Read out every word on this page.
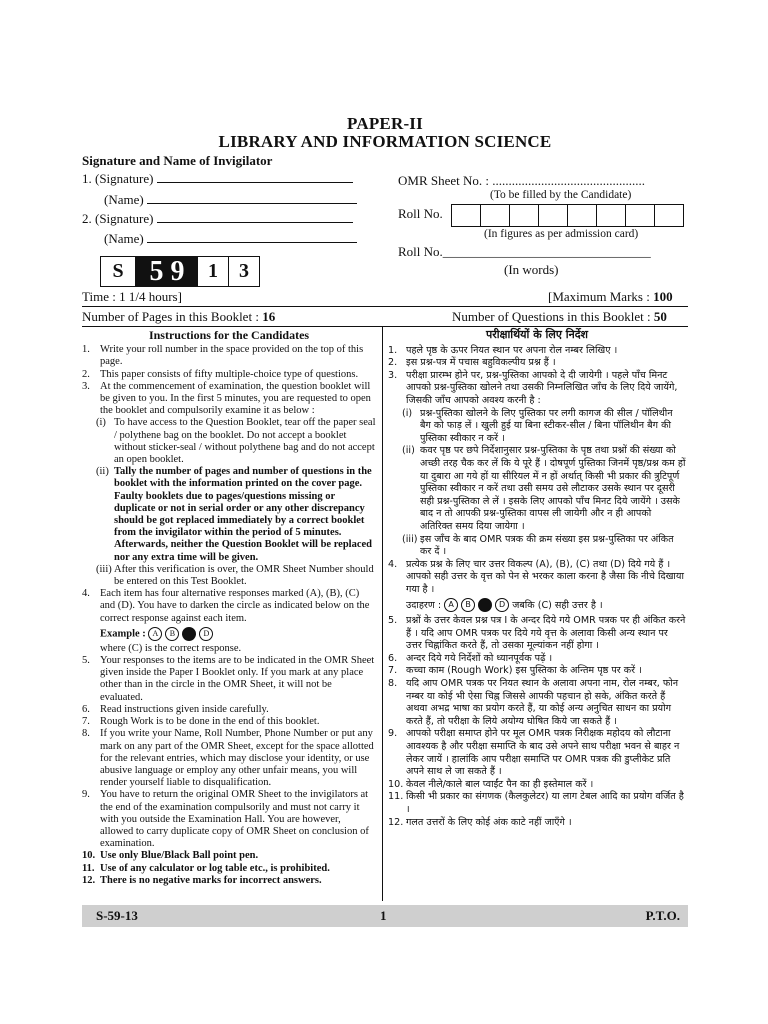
PAPER-II
LIBRARY AND INFORMATION SCIENCE
Signature and Name of Invigilator
1. (Signature)
(Name)
2. (Signature)
(Name)
OMR Sheet No. : ...............................................
(To be filled by the Candidate)
Roll No.
(In figures as per admission card)
Roll No.________________________________
(In words)
S 5 9	1	3
Time : 1 1/4 hours]	[Maximum Marks : 100
Number of Pages in this Booklet : 16	Number of Questions in this Booklet : 50
Instructions for the Candidates
1. Write your roll number in the space provided on the top of this page.
2. This paper consists of fifty multiple-choice type of questions.
3. At the commencement of examination, the question booklet will be given to you. In the first 5 minutes, you are requested to open the booklet and compulsorily examine it as below :
(i) To have access to the Question Booklet, tear off the paper seal / polythene bag on the booklet. Do not accept a booklet without sticker-seal / without polythene bag and do not accept an open booklet.
(ii) Tally the number of pages and number of questions in the booklet with the information printed on the cover page. Faulty booklets due to pages/questions missing or duplicate or not in serial order or any other discrepancy should be got replaced immediately by a correct booklet from the invigilator within the period of 5 minutes. Afterwards, neither the Question Booklet will be replaced nor any extra time will be given.
(iii) After this verification is over, the OMR Sheet Number should be entered on this Test Booklet.
4. Each item has four alternative responses marked (A), (B), (C) and (D). You have to darken the circle as indicated below on the correct response against each item.
Example : A	B	D
where (C) is the correct response.
5. Your responses to the items are to be indicated in the OMR Sheet given inside the Paper I Booklet only. If you mark at any place other than in the circle in the OMR Sheet, it will not be evaluated.
6. Read instructions given inside carefully.
7. Rough Work is to be done in the end of this booklet.
8. If you write your Name, Roll Number, Phone Number or put any mark on any part of the OMR Sheet, except for the space allotted for the relevant entries, which may disclose your identity, or use abusive language or employ any other unfair means, you will render yourself liable to disqualification.
9. You have to return the original OMR Sheet to the invigilators at the end of the examination compulsorily and must not carry it with you outside the Examination Hall. You are however, allowed to carry duplicate copy of OMR Sheet on conclusion of examination.
10. Use only Blue/Black Ball point pen.
11. Use of any calculator or log table etc., is prohibited.
12. There is no negative marks for incorrect answers.
परीक्षार्थियों के लिए निर्देश
1. पहले पृष्ठ के ऊपर नियत स्थान पर अपना रोल नम्बर लिखिए ।
2. इस प्रश्न-पत्र में पचास बहुविकल्पीय प्रश्न हैं ।
3. परीक्षा प्रारम्भ होने पर, प्रश्न-पुस्तिका आपको दे दी जायेगी । पहले पाँच मिनट आपको प्रश्न-पुस्तिका खोलने तथा उसकी निम्नलिखित जाँच के लिए दिये जायेंगे, जिसकी जाँच आपको अवश्य करनी है :
(i) प्रश्न-पुस्तिका खोलने के लिए पुस्तिका पर लगी कागज की सील / पॉलिथीन बैग को फाड़ लें । खुली हुई या बिना स्टीकर-सील / बिना पॉलिथीन बैग की पुस्तिका स्वीकार न करें ।
(ii) कवर पृष्ठ पर छपे निर्देशानुसार प्रश्न-पुस्तिका के पृष्ठ तथा प्रश्नों की संख्या को अच्छी तरह चैक कर लें कि ये पूरे हैं । दोषपूर्ण पुस्तिका जिनमें पृष्ठ/प्रश्न कम हों या दुबारा आ गये हों या सीरियल में न हों अर्थात् किसी भी प्रकार की त्रुटिपूर्ण पुस्तिका स्वीकार न करें तथा उसी समय उसे लौटाकर उसके स्थान पर दूसरी सही प्रश्न-पुस्तिका ले लें । इसके लिए आपको पाँच मिनट दिये जायेंगे । उसके बाद न तो आपकी प्रश्न-पुस्तिका वापस ली जायेगी और न ही आपको अतिरिक्त समय दिया जायेगा ।
(iii) इस जाँच के बाद OMR पत्रक की क्रम संख्या इस प्रश्न-पुस्तिका पर अंकित कर दें ।
4. प्रत्येक प्रश्न के लिए चार उत्तर विकल्प (A), (B), (C) तथा (D) दिये गये हैं । आपको सही उत्तर के वृत्त को पेन से भरकर काला करना है जैसा कि नीचे दिखाया गया है ।
उदाहरण : A	B	D जबकि (C) सही उत्तर है ।
5. प्रश्नों के उत्तर केवल प्रश्न पत्र I के अन्दर दिये गये OMR पत्रक पर ही अंकित करने हैं । यदि आप OMR पत्रक पर दिये गये वृत्त के अलावा किसी अन्य स्थान पर उत्तर चिह्नांकित करते हैं, तो उसका मूल्यांकन नहीं होगा ।
6. अन्दर दिये गये निर्देशों को ध्यानपूर्वक पढ़ें ।
7. कच्चा काम (Rough Work) इस पुस्तिका के अन्तिम पृष्ठ पर करें ।
8. यदि आप OMR पत्रक पर नियत स्थान के अलावा अपना नाम, रोल नम्बर, फोन नम्बर या कोई भी ऐसा चिह्न जिससे आपकी पहचान हो सके, अंकित करते हैं अथवा अभद्र भाषा का प्रयोग करते हैं, या कोई अन्य अनुचित साधन का प्रयोग करते हैं, तो परीक्षा के लिये अयोग्य घोषित किये जा सकते हैं ।
9. आपको परीक्षा समाप्त होने पर मूल OMR पत्रक निरीक्षक महोदय को लौटाना आवश्यक है और परीक्षा समाप्ति के बाद उसे अपने साथ परीक्षा भवन से बाहर न लेकर जायें । हालांकि आप परीक्षा समाप्ति पर OMR पत्रक की डुप्लीकेट प्रति अपने साथ ले जा सकते हैं ।
10. केवल नीले/काले बाल प्वाईंट पैन का ही इस्तेमाल करें ।
11. किसी भी प्रकार का संगणक (कैलकुलेटर) या लाग टेबल आदि का प्रयोग वर्जित है ।
12. गलत उत्तरों के लिए कोई अंक काटे नहीं जाएँगे ।
S-59-13	1	P.T.O.
